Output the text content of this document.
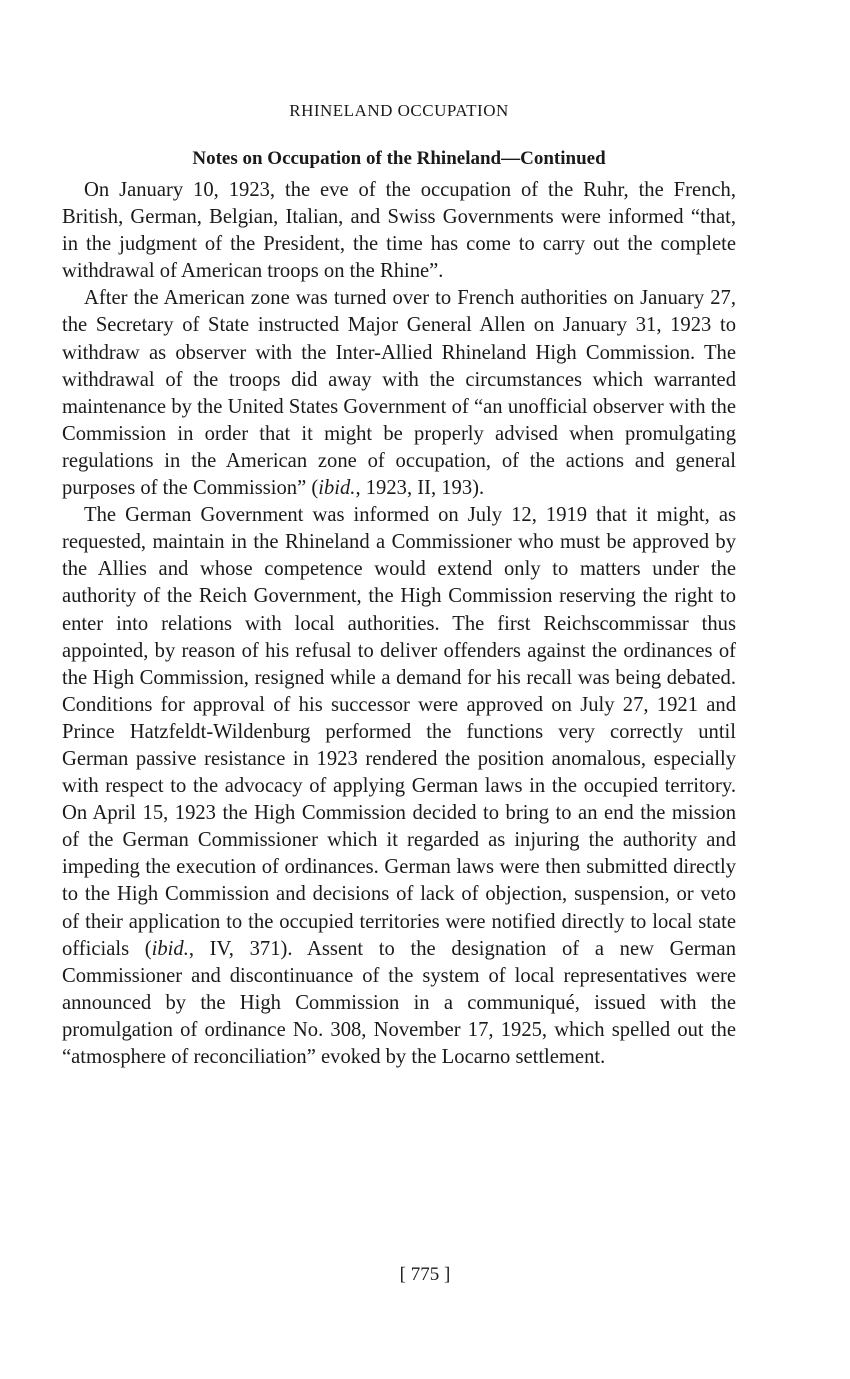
RHINELAND OCCUPATION
Notes on Occupation of the Rhineland—Continued

On January 10, 1923, the eve of the occupation of the Ruhr, the French, British, German, Belgian, Italian, and Swiss Governments were informed “that, in the judgment of the President, the time has come to carry out the complete withdrawal of American troops on the Rhine”.

After the American zone was turned over to French authorities on January 27, the Secretary of State instructed Major General Allen on January 31, 1923 to withdraw as observer with the Inter-Allied Rhineland High Commission. The withdrawal of the troops did away with the circumstances which warranted maintenance by the United States Government of “an unofficial observer with the Commission in order that it might be properly advised when promulgating regulations in the American zone of occupation, of the actions and general purposes of the Commission” (ibid., 1923, II, 193).

The German Government was informed on July 12, 1919 that it might, as requested, maintain in the Rhineland a Commissioner who must be approved by the Allies and whose competence would extend only to matters under the authority of the Reich Government, the High Commission reserving the right to enter into relations with local authorities. The first Reichscommissar thus appointed, by reason of his refusal to deliver offenders against the ordinances of the High Commission, resigned while a demand for his recall was being debated. Conditions for approval of his successor were approved on July 27, 1921 and Prince Hatzfeldt-Wildenburg performed the functions very correctly until German passive resistance in 1923 rendered the position anomalous, especially with respect to the advocacy of applying German laws in the occupied territory. On April 15, 1923 the High Commission decided to bring to an end the mission of the German Commissioner which it regarded as injuring the authority and impeding the execution of ordinances. German laws were then submitted directly to the High Commission and decisions of lack of objection, suspension, or veto of their application to the occupied territories were notified directly to local state officials (ibid., IV, 371). Assent to the designation of a new German Commissioner and discontinuance of the system of local representatives were announced by the High Commission in a communiqué, issued with the promulgation of ordinance No. 308, November 17, 1925, which spelled out the “atmosphere of reconciliation” evoked by the Locarno settlement.

[ 775 ]
